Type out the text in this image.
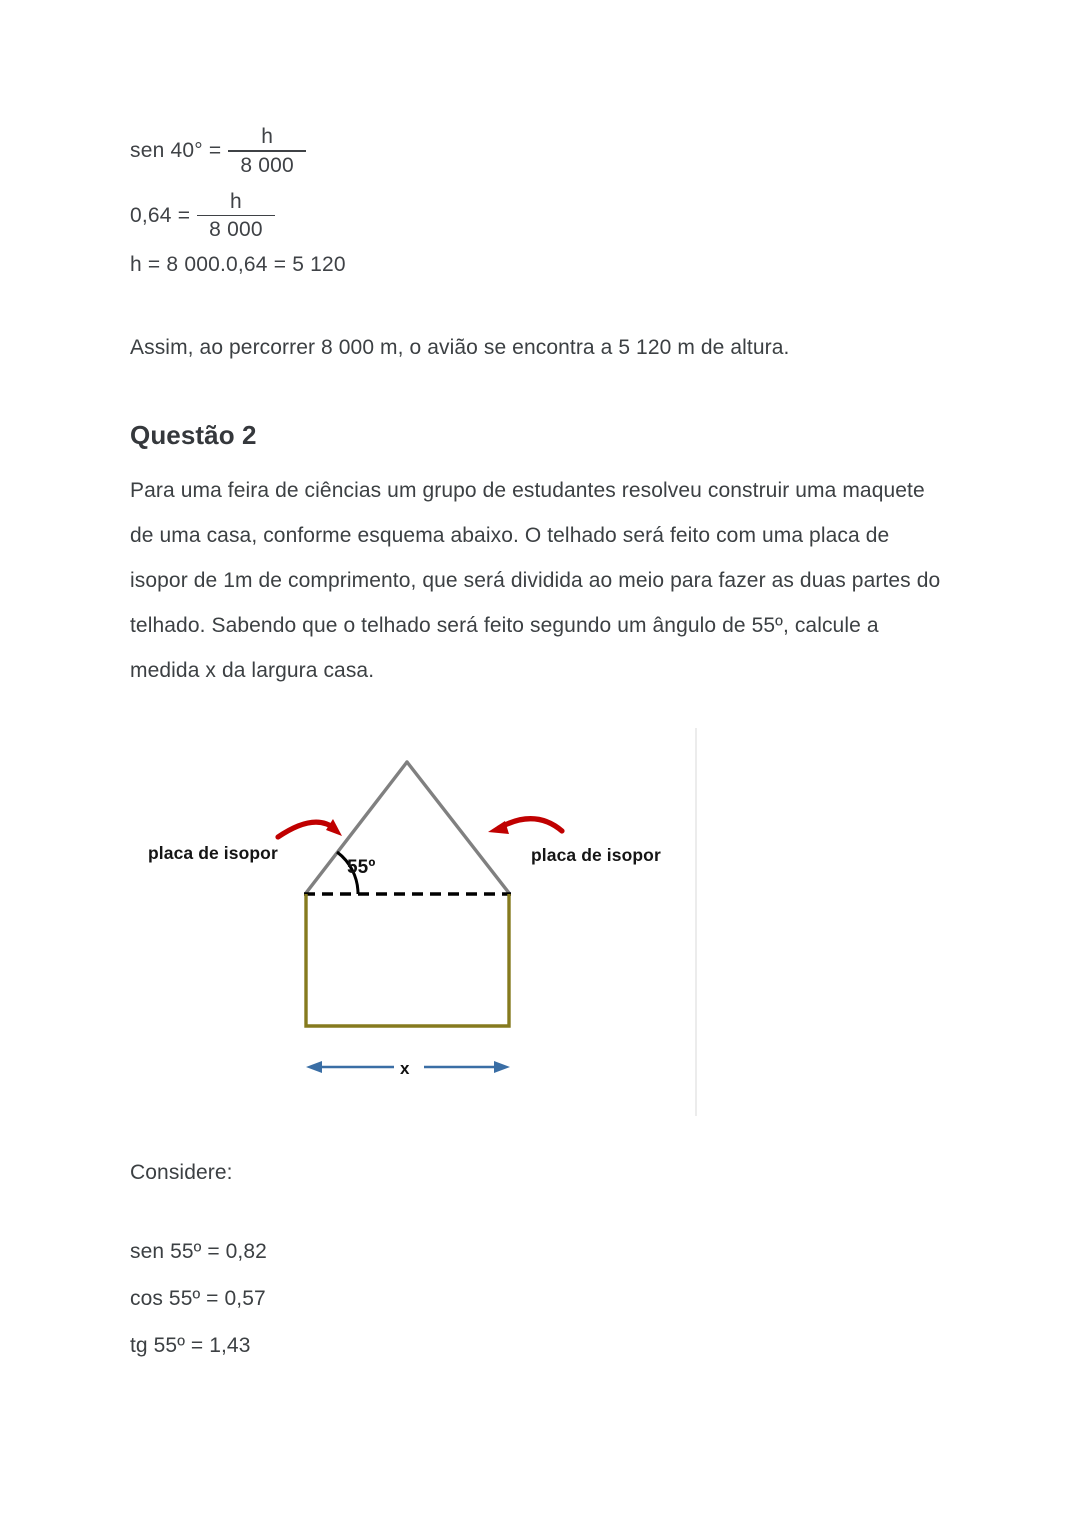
sen $40^\circ = \frac{h}{8 000}$
$0,64 = \frac{h}{8 000}$
h = 8 000.0,64 = 5 120
Assim, ao percorrer 8 000 m, o avião se encontra a 5 120 m de altura.
Questão 2
Para uma feira de ciências um grupo de estudantes resolveu construir uma maquete de uma casa, conforme esquema abaixo. O telhado será feito com uma placa de isopor de 1m de comprimento, que será dividida ao meio para fazer as duas partes do telhado. Sabendo que o telhado será feito segundo um ângulo de 55º, calcule a medida x da largura casa.
placa de isopor	placa de isopor
55º
x
Considere:
sen 55º = 0,82
cos 55º = 0,57
tg 55º = 1,43
